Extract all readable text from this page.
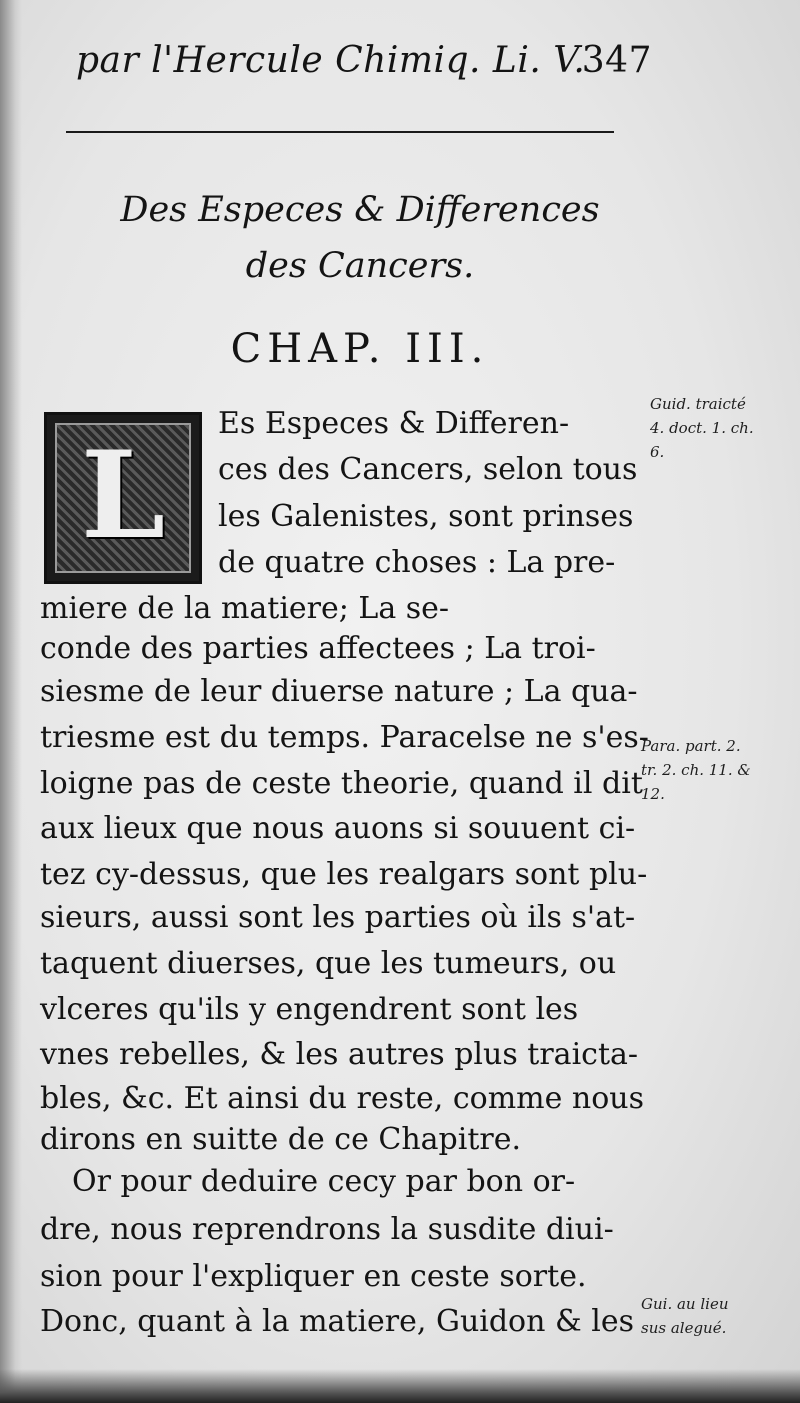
par l'Hercule Chimiq. Li. V.
347
Des Especes & Differences
des Cancers.
CHAP. III.
L
Es Especes & Differen-
ces des Cancers, selon tous
les Galenistes, sont prinses
de quatre choses : La pre-
miere de la matiere; La se-
conde des parties affectees ; La troi-
siesme de leur diuerse nature ; La qua-
triesme est du temps. Paracelse ne s'es-
loigne pas de ceste theorie, quand il dit
aux lieux que nous auons si souuent ci-
tez cy-dessus, que les realgars sont plu-
sieurs, aussi sont les parties où ils s'at-
taquent diuerses, que les tumeurs, ou
vlceres qu'ils y engendrent sont les
vnes rebelles, & les autres plus traicta-
bles, &c. Et ainsi du reste, comme nous
dirons en suitte de ce Chapitre.
Or pour deduire cecy par bon or-
dre, nous reprendrons la susdite diui-
sion pour l'expliquer en ceste sorte.
Donc, quant à la matiere, Guidon & les
Guid. traicté
4. doct. 1. ch.
6.
Para. part. 2.
tr. 2. ch. 11. &
12.
Gui. au lieu
sus alegué.
